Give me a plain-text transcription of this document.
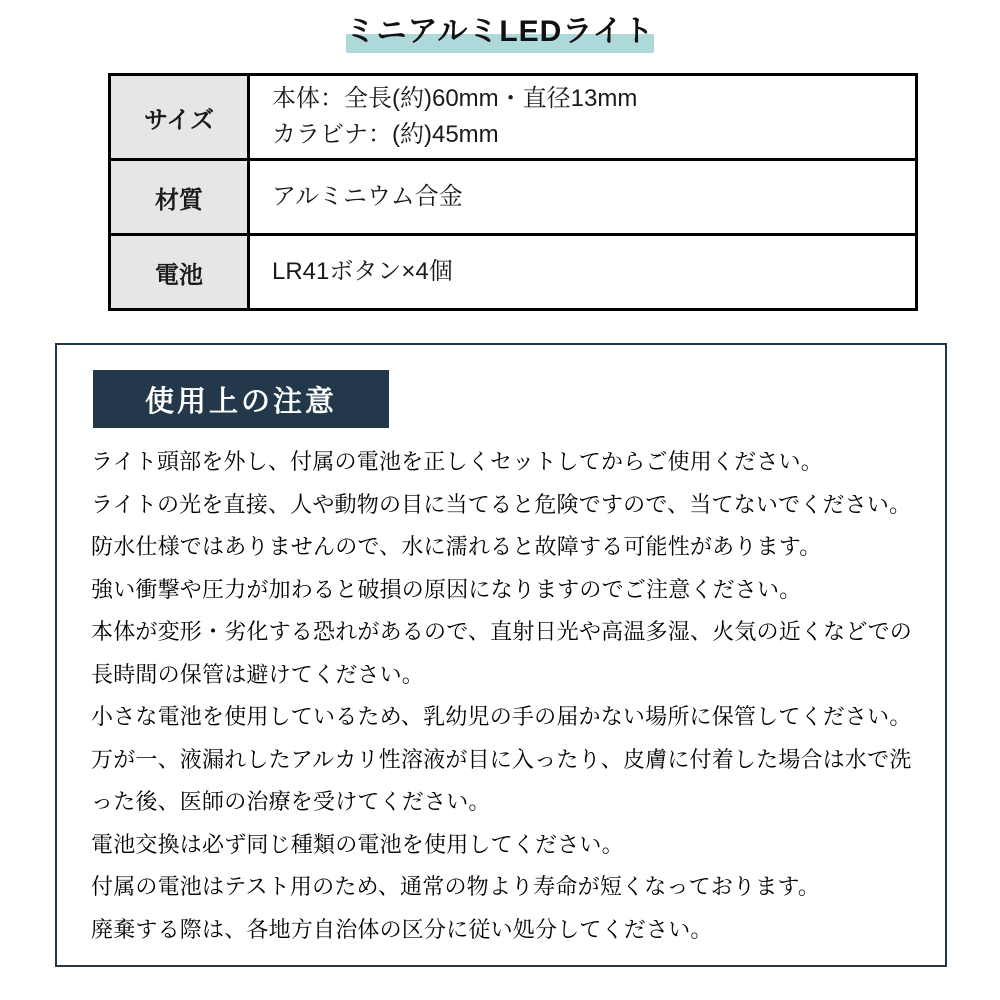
ミニアルミLEDライト
サイズ	本体：全長(約)60mm・直径13mm
カラビナ：(約)45mm

材質	アルミニウム合金
電池	LR41ボタン×4個
使用上の注意

ライト頭部を外し、付属の電池を正しくセットしてからご使用ください。

ライトの光を直接、人や動物の目に当てると危険ですので、当てないでください。

防水仕様ではありませんので、水に濡れると故障する可能性があります。

強い衝撃や圧力が加わると破損の原因になりますのでご注意ください。

本体が変形・劣化する恐れがあるので、直射日光や高温多湿、火気の近くなどでの長時間の保管は避けてください。

小さな電池を使用しているため、乳幼児の手の届かない場所に保管してください。

万が一、液漏れしたアルカリ性溶液が目に入ったり、皮膚に付着した場合は水で洗った後、医師の治療を受けてください。

電池交換は必ず同じ種類の電池を使用してください。

付属の電池はテスト用のため、通常の物より寿命が短くなっております。

廃棄する際は、各地方自治体の区分に従い処分してください。
